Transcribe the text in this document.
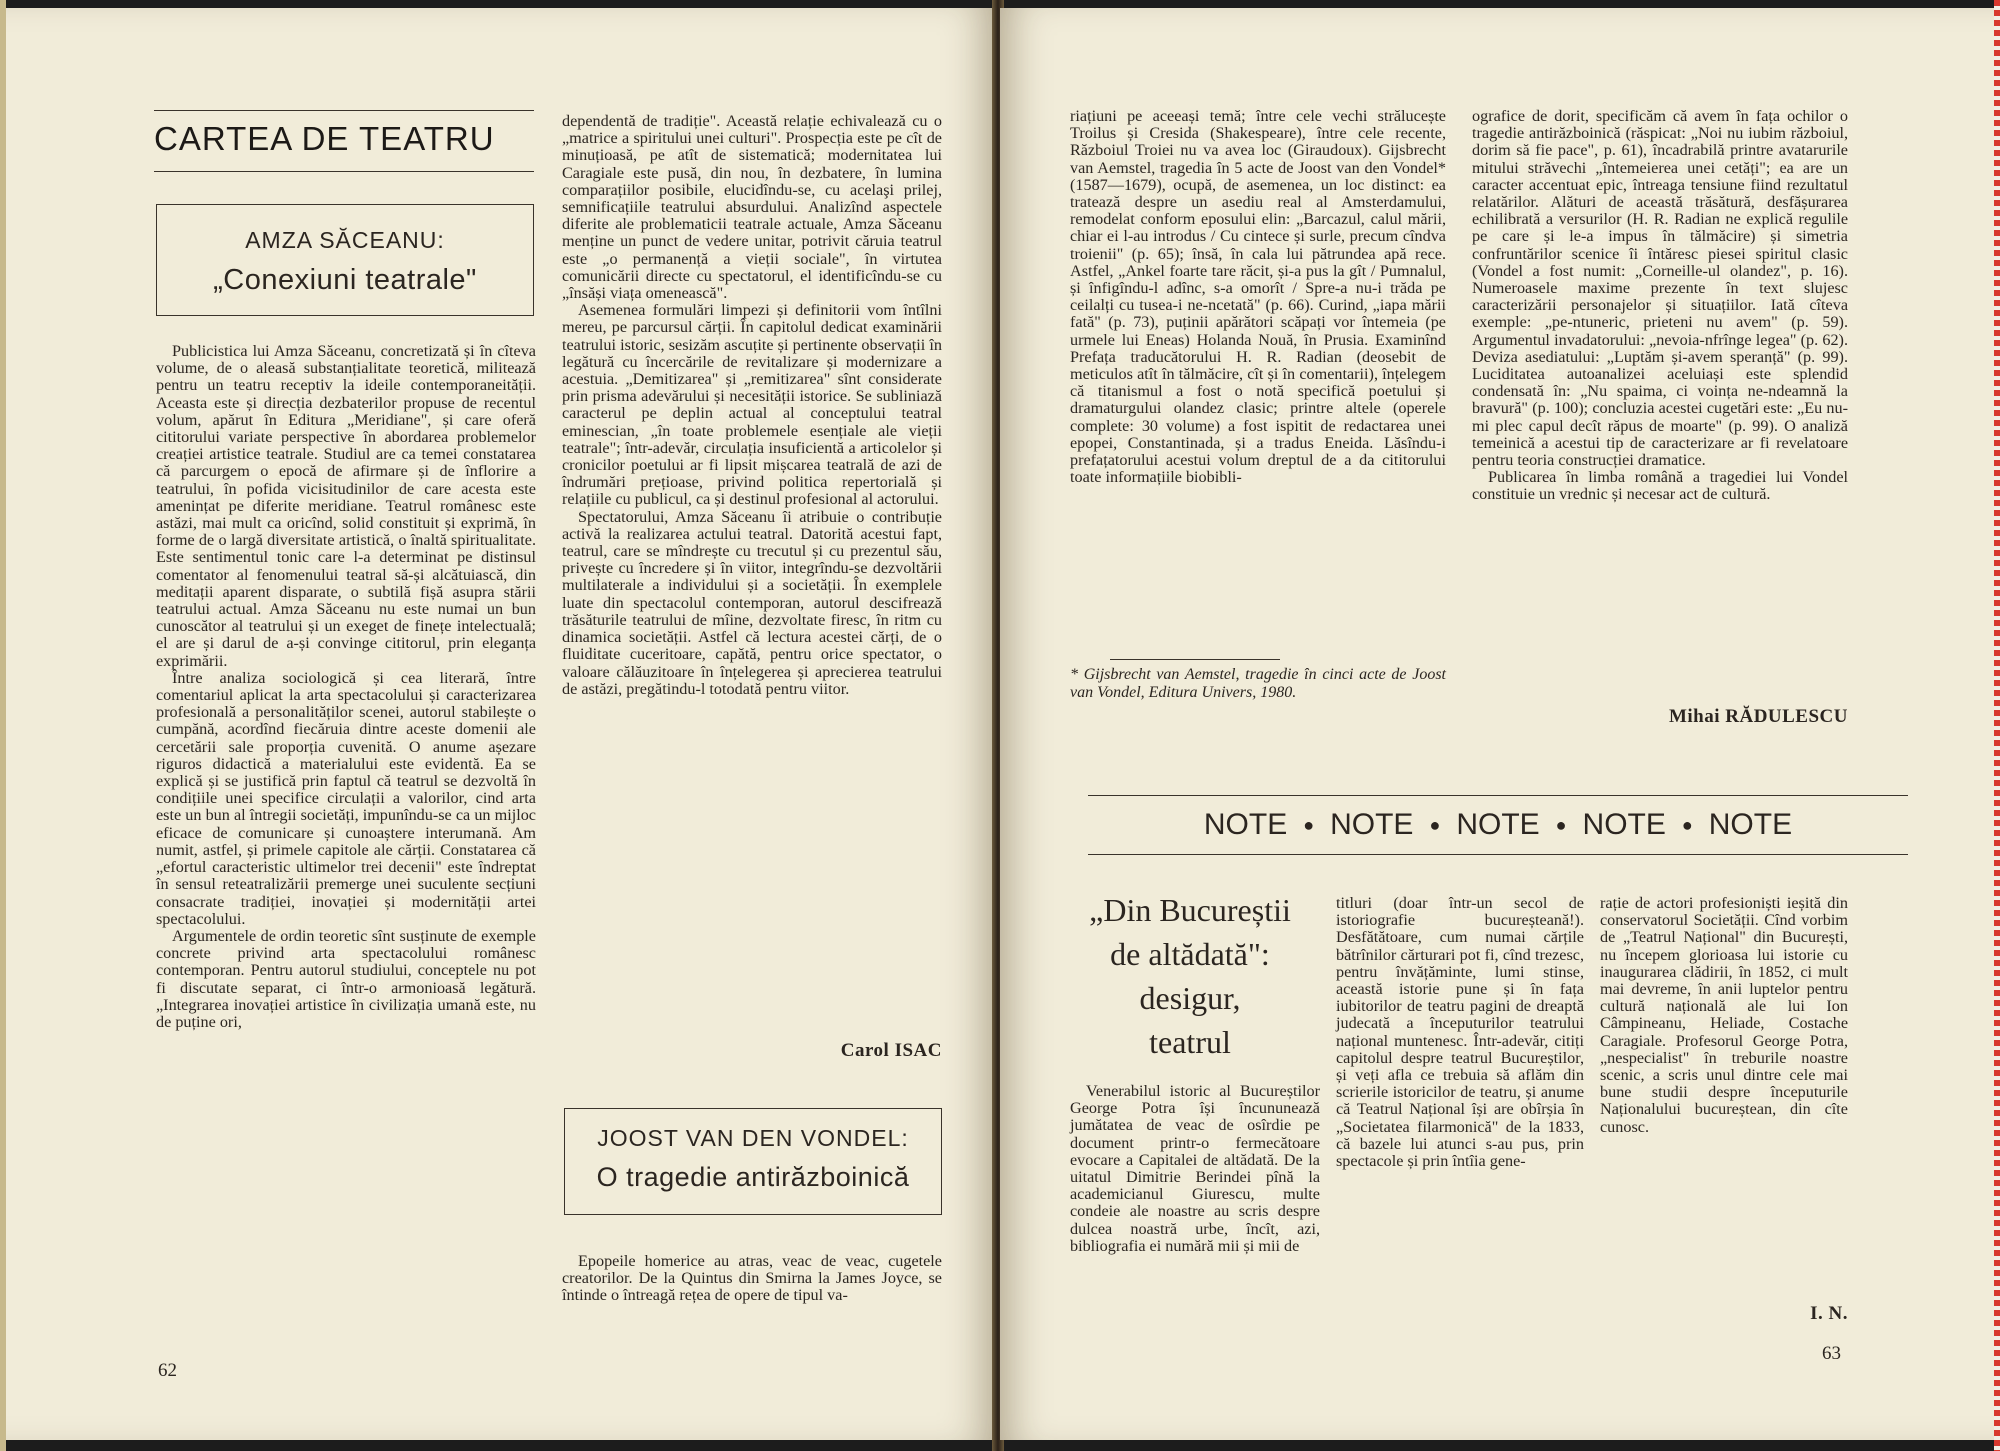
CARTEA DE TEATRU
AMZA SĂCEANU:
„Conexiuni teatrale"

Publicistica lui Amza Săceanu, concretizată și în cîteva volume, de o aleasă substanțialitate teoretică, militează pentru un teatru receptiv la ideile contemporaneității. Aceasta este și direcția dezbaterilor propuse de recentul volum, apărut în Editura „Meridiane", și care oferă cititorului variate perspective în abordarea problemelor creației artistice teatrale. Studiul are ca temei constatarea că parcurgem o epocă de afirmare și de înflorire a teatrului, în pofida vicisitudinilor de care acesta este amenințat pe diferite meridiane. Teatrul românesc este astăzi, mai mult ca oricînd, solid constituit și exprimă, în forme de o largă diversitate artistică, o înaltă spiritualitate. Este sentimentul tonic care l-a determinat pe distinsul comentator al fenomenului teatral să-și alcătuiască, din meditații aparent disparate, o subtilă fișă asupra stării teatrului actual. Amza Săceanu nu este numai un bun cunoscător al teatrului și un exeget de finețe intelectuală; el are și darul de a-și convinge cititorul, prin eleganța exprimării.

Între analiza sociologică și cea literară, între comentariul aplicat la arta spectacolului și caracterizarea profesională a personalităților scenei, autorul stabilește o cumpănă, acordînd fiecăruia dintre aceste domenii ale cercetării sale proporția cuvenită. O anume așezare riguros didactică a materialului este evidentă. Ea se explică și se justifică prin faptul că teatrul se dezvoltă în condițiile unei specifice circulații a valorilor, cind arta este un bun al întregii societăți, impunîndu-se ca un mijloc eficace de comunicare și cunoaștere interumană. Am numit, astfel, și primele capitole ale cărții. Constatarea că „efortul caracteristic ultimelor trei decenii" este îndreptat în sensul reteatralizării premerge unei suculente secțiuni consacrate tradiției, inovației și modernității artei spectacolului.

Argumentele de ordin teoretic sînt susținute de exemple concrete privind arta spectacolului românesc contemporan. Pentru autorul studiului, conceptele nu pot fi discutate separat, ci într-o armonioasă legătură. „Integrarea inovației artistice în civilizația umană este, nu de puține ori,

dependentă de tradiție". Această relație echivalează cu o „matrice a spiritului unei culturi". Prospecția este pe cît de minuțioasă, pe atît de sistematică; modernitatea lui Caragiale este pusă, din nou, în dezbatere, în lumina comparațiilor posibile, elucidîndu-se, cu acelaşi prilej, semnificațiile teatrului absurdului. Analizînd aspectele diferite ale problematicii teatrale actuale, Amza Săceanu menține un punct de vedere unitar, potrivit căruia teatrul este „o permanență a vieții sociale", în virtutea comunicării directe cu spectatorul, el identificîndu-se cu „însăși viața omenească".

Asemenea formulări limpezi și definitorii vom întîlni mereu, pe parcursul cărții. În capitolul dedicat examinării teatrului istoric, sesizăm ascuțite și pertinente observații în legătură cu încercările de revitalizare și modernizare a acestuia. „Demitizarea" și „remitizarea" sînt considerate prin prisma adevărului și necesității istorice. Se subliniază caracterul pe deplin actual al conceptului teatral eminescian, „în toate problemele esențiale ale vieții teatrale"; într-adevăr, circulația insuficientă a articolelor și cronicilor poetului ar fi lipsit mișcarea teatrală de azi de îndrumări prețioase, privind politica repertorială și relațiile cu publicul, ca și destinul profesional al actorului.

Spectatorului, Amza Săceanu îi atribuie o contribuție activă la realizarea actului teatral. Datorită acestui fapt, teatrul, care se mîndrește cu trecutul și cu prezentul său, privește cu încredere și în viitor, integrîndu-se dezvoltării multilaterale a individului și a societății. În exemplele luate din spectacolul contemporan, autorul descifrează trăsăturile teatrului de mîine, dezvoltate firesc, în ritm cu dinamica societății. Astfel că lectura acestei cărți, de o fluiditate cuceritoare, capătă, pentru orice spectator, o valoare călăuzitoare în înțelegerea și aprecierea teatrului de astăzi, pregătindu-l totodată pentru viitor.

Carol ISAC
JOOST VAN DEN VONDEL:
O tragedie antirăzboinică

Epopeile homerice au atras, veac de veac, cugetele creatorilor. De la Quintus din Smirna la James Joyce, se întinde o întreagă rețea de opere de tipul va-

62

riațiuni pe aceeași temă; între cele vechi strălucește Troilus și Cresida (Shakespeare), între cele recente, Războiul Troiei nu va avea loc (Giraudoux). Gijsbrecht van Aemstel, tragedia în 5 acte de Joost van den Vondel* (1587—1679), ocupă, de asemenea, un loc distinct: ea tratează despre un asediu real al Amsterdamului, remodelat conform eposului elin: „Barcazul, calul mării, chiar ei l-au introdus / Cu cintece și surle, precum cîndva troienii" (p. 65); însă, în cala lui pătrundea apă rece. Astfel, „Ankel foarte tare răcit, și-a pus la gît / Pumnalul, și înfigîndu-l adînc, s-a omorît / Spre-a nu-i trăda pe ceilalți cu tusea-i ne-ncetată" (p. 66). Curind, „iapa mării fată" (p. 73), puținii apărători scăpați vor întemeia (pe urmele lui Eneas) Holanda Nouă, în Prusia. Examinînd Prefața traducătorului H. R. Radian (deosebit de meticulos atît în tălmăcire, cît și în comentarii), înțelegem că titanismul a fost o notă specifică poetului și dramaturgului olandez clasic; printre altele (operele complete: 30 volume) a fost ispitit de redactarea unei epopei, Constantinada, și a tradus Eneida. Lăsîndu-i prefațatorului acestui volum dreptul de a da cititorului toate informațiile biobibli-

* Gijsbrecht van Aemstel, tragedie în cinci acte de Joost van Vondel, Editura Univers, 1980.

ografice de dorit, specificăm că avem în fața ochilor o tragedie antirăzboinică (răspicat: „Noi nu iubim războiul, dorim să fie pace", p. 61), încadrabilă printre avatarurile mitului străvechi „întemeierea unei cetăți"; ea are un caracter accentuat epic, întreaga tensiune fiind rezultatul relatărilor. Alături de această trăsătură, desfășurarea echilibrată a versurilor (H. R. Radian ne explică regulile pe care și le-a impus în tălmăcire) și simetria confruntărilor scenice îi întăresc piesei spiritul clasic (Vondel a fost numit: „Corneille-ul olandez", p. 16). Numeroasele maxime prezente în text slujesc caracterizării personajelor și situațiilor. Iată cîteva exemple: „pe-ntuneric, prieteni nu avem" (p. 59). Argumentul invadatorului: „nevoia-nfrînge legea" (p. 62). Deviza asediatului: „Luptăm și-avem speranță" (p. 99). Luciditatea autoanalizei aceluiași este splendid condensată în: „Nu spaima, ci voința ne-ndeamnă la bravură" (p. 100); concluzia acestei cugetări este: „Eu nu-mi plec capul decît răpus de moarte" (p. 99). O analiză temeinică a acestui tip de caracterizare ar fi revelatoare pentru teoria construcției dramatice.

Publicarea în limba română a tragediei lui Vondel constituie un vrednic și necesar act de cultură.

Mihai RĂDULESCU
NOTE ● NOTE ● NOTE ● NOTE ● NOTE
„Din Bucureștii
de altădată":
desigur,
teatrul

Venerabilul istoric al Bucureștilor George Potra își încununează jumătatea de veac de osîrdie pe document printr-o fermecătoare evocare a Capitalei de altădată. De la uitatul Dimitrie Berindei pînă la academicianul Giurescu, multe condeie ale noastre au scris despre dulcea noastră urbe, încît, azi, bibliografia ei numără mii și mii de

titluri (doar într-un secol de istoriografie bucureșteană!). Desfătătoare, cum numai cărțile bătrînilor cărturari pot fi, cînd trezesc, pentru învățăminte, lumi stinse, această istorie pune și în fața iubitorilor de teatru pagini de dreaptă judecată a începuturilor teatrului național muntenesc. Într-adevăr, citiți capitolul despre teatrul Bucureștilor, și veți afla ce trebuia să aflăm din scrierile istoricilor de teatru, și anume că Teatrul Național își are obîrșia în „Societatea filarmonică" de la 1833, că bazele lui atunci s-au pus, prin spectacole și prin întîia gene-

rație de actori profesioniști ieșită din conservatorul Societății. Cînd vorbim de „Teatrul Național" din București, nu începem glorioasa lui istorie cu inaugurarea clădirii, în 1852, ci mult mai devreme, în anii luptelor pentru cultură națională ale lui Ion Câmpineanu, Heliade, Costache Caragiale. Profesorul George Potra, „nespecialist" în treburile noastre scenic, a scris unul dintre cele mai bune studii despre începuturile Naționalului bucureștean, din cîte cunosc.

I. N.
63
